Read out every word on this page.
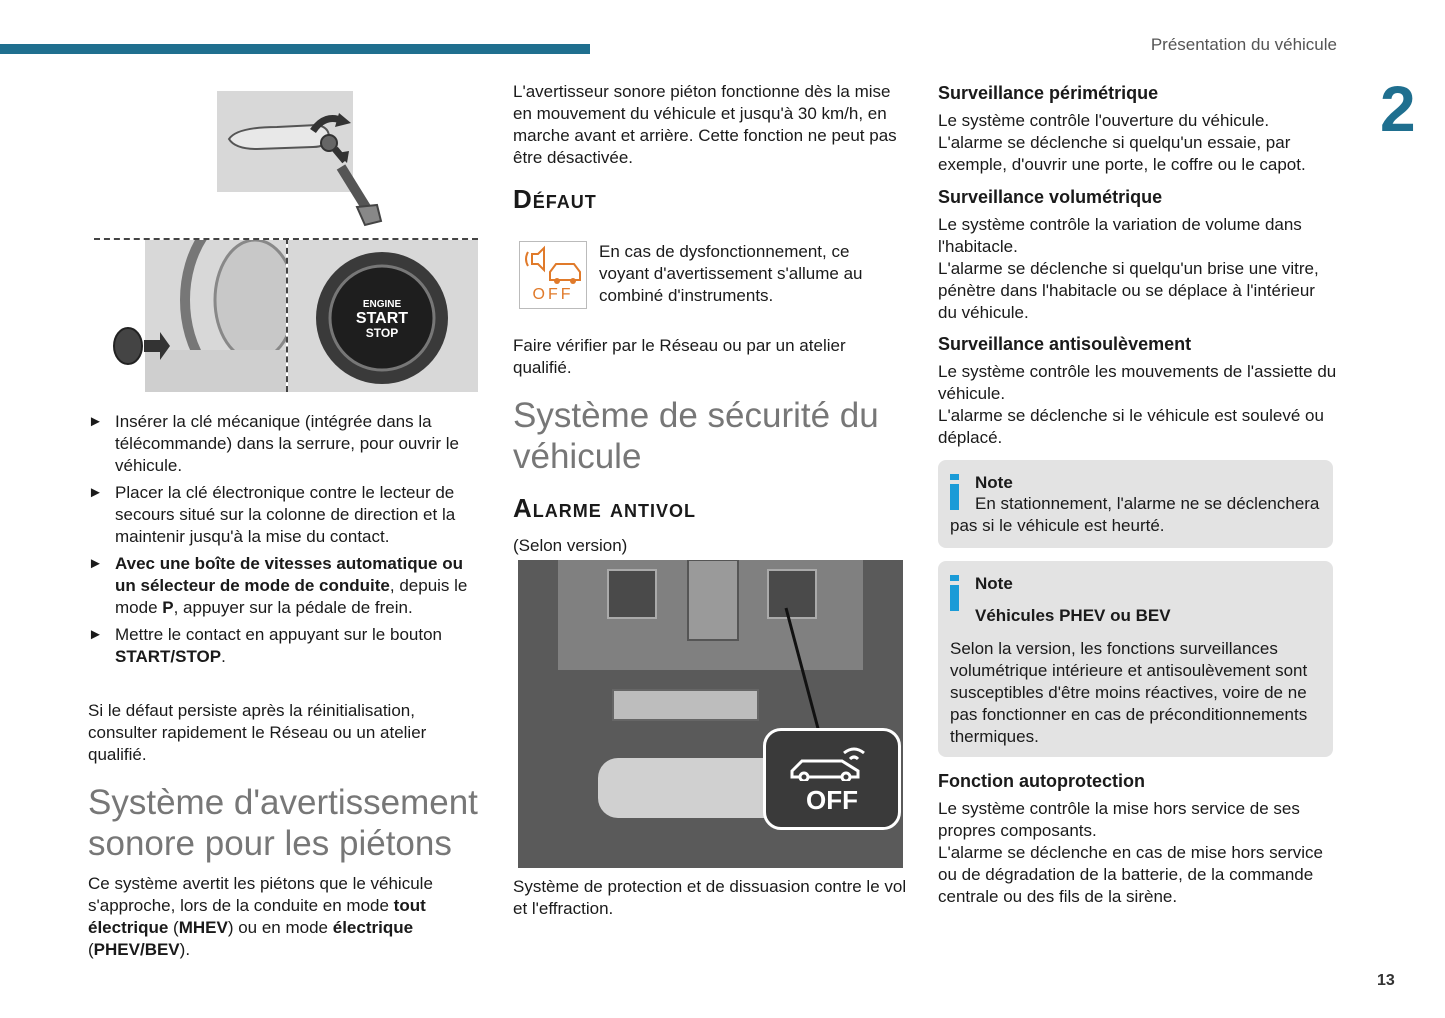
Présentation du véhicule
2
13
ENGINE
START
STOP
► Insérer la clé mécanique (intégrée dans la télécommande) dans la serrure, pour ouvrir le véhicule.
► Placer la clé électronique contre le lecteur de secours situé sur la colonne de direction et la maintenir jusqu'à la mise du contact.
► Avec une boîte de vitesses automatique ou un sélecteur de mode de conduite, depuis le mode P, appuyer sur la pédale de frein.
► Mettre le contact en appuyant sur le bouton START/STOP.
Si le défaut persiste après la réinitialisation, consulter rapidement le Réseau ou un atelier qualifié.
Système d'avertissement sonore pour les piétons
Ce système avertit les piétons que le véhicule s'approche, lors de la conduite en mode tout électrique (MHEV) ou en mode électrique (PHEV/BEV).
L'avertisseur sonore piéton fonctionne dès la mise en mouvement du véhicule et jusqu'à 30 km/h, en marche avant et arrière. Cette fonction ne peut pas être désactivée.
Défaut
OFF
En cas de dysfonctionnement, ce voyant d'avertissement s'allume au combiné d'instruments.
Faire vérifier par le Réseau ou par un atelier qualifié.
Système de sécurité du véhicule
Alarme antivol
(Selon version)
OFF
Système de protection et de dissuasion contre le vol et l'effraction.
Surveillance périmétrique
Le système contrôle l'ouverture du véhicule.
L'alarme se déclenche si quelqu'un essaie, par exemple, d'ouvrir une porte, le coffre ou le capot.
Surveillance volumétrique
Le système contrôle la variation de volume dans l'habitacle.
L'alarme se déclenche si quelqu'un brise une vitre, pénètre dans l'habitacle ou se déplace à l'intérieur du véhicule.
Surveillance antisoulèvement
Le système contrôle les mouvements de l'assiette du véhicule.
L'alarme se déclenche si le véhicule est soulevé ou déplacé.
Note
En stationnement, l'alarme ne se déclenchera pas si le véhicule est heurté.
Note
Véhicules PHEV ou BEV
Selon la version, les fonctions surveillances volumétrique intérieure et antisoulèvement sont susceptibles d'être moins réactives, voire de ne pas fonctionner en cas de préconditionnements thermiques.
Fonction autoprotection
Le système contrôle la mise hors service de ses propres composants.
L'alarme se déclenche en cas de mise hors service ou de dégradation de la batterie, de la commande centrale ou des fils de la sirène.
